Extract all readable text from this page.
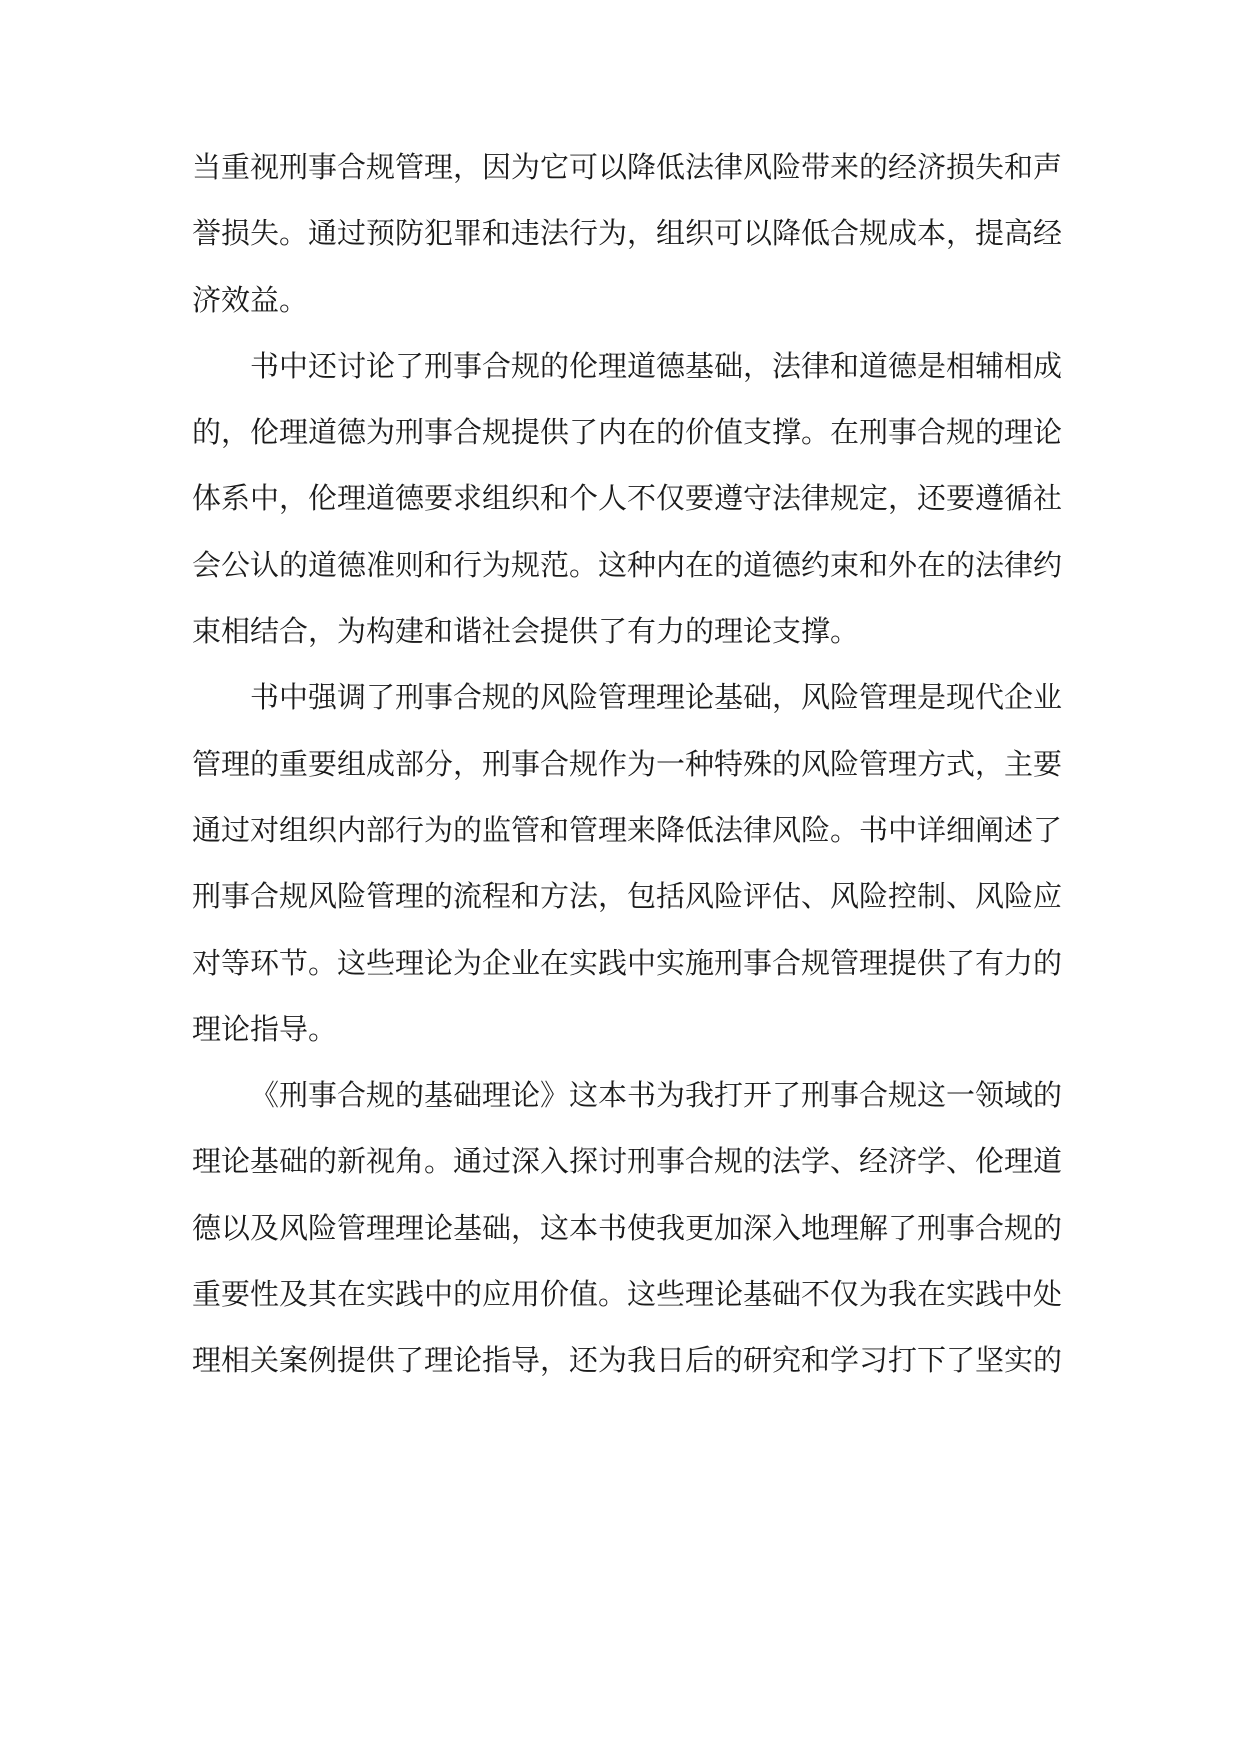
当重视刑事合规管理，因为它可以降低法律风险带来的经济损失和声
誉损失。通过预防犯罪和违法行为，组织可以降低合规成本，提高经
济效益。
书中还讨论了刑事合规的伦理道德基础，法律和道德是相辅相成
的，伦理道德为刑事合规提供了内在的价值支撑。在刑事合规的理论
体系中，伦理道德要求组织和个人不仅要遵守法律规定，还要遵循社
会公认的道德准则和行为规范。这种内在的道德约束和外在的法律约
束相结合，为构建和谐社会提供了有力的理论支撑。
书中强调了刑事合规的风险管理理论基础，风险管理是现代企业
管理的重要组成部分，刑事合规作为一种特殊的风险管理方式，主要
通过对组织内部行为的监管和管理来降低法律风险。书中详细阐述了
刑事合规风险管理的流程和方法，包括风险评估、风险控制、风险应
对等环节。这些理论为企业在实践中实施刑事合规管理提供了有力的
理论指导。
《刑事合规的基础理论》这本书为我打开了刑事合规这一领域的
理论基础的新视角。通过深入探讨刑事合规的法学、经济学、伦理道
德以及风险管理理论基础，这本书使我更加深入地理解了刑事合规的
重要性及其在实践中的应用价值。这些理论基础不仅为我在实践中处
理相关案例提供了理论指导，还为我日后的研究和学习打下了坚实的
